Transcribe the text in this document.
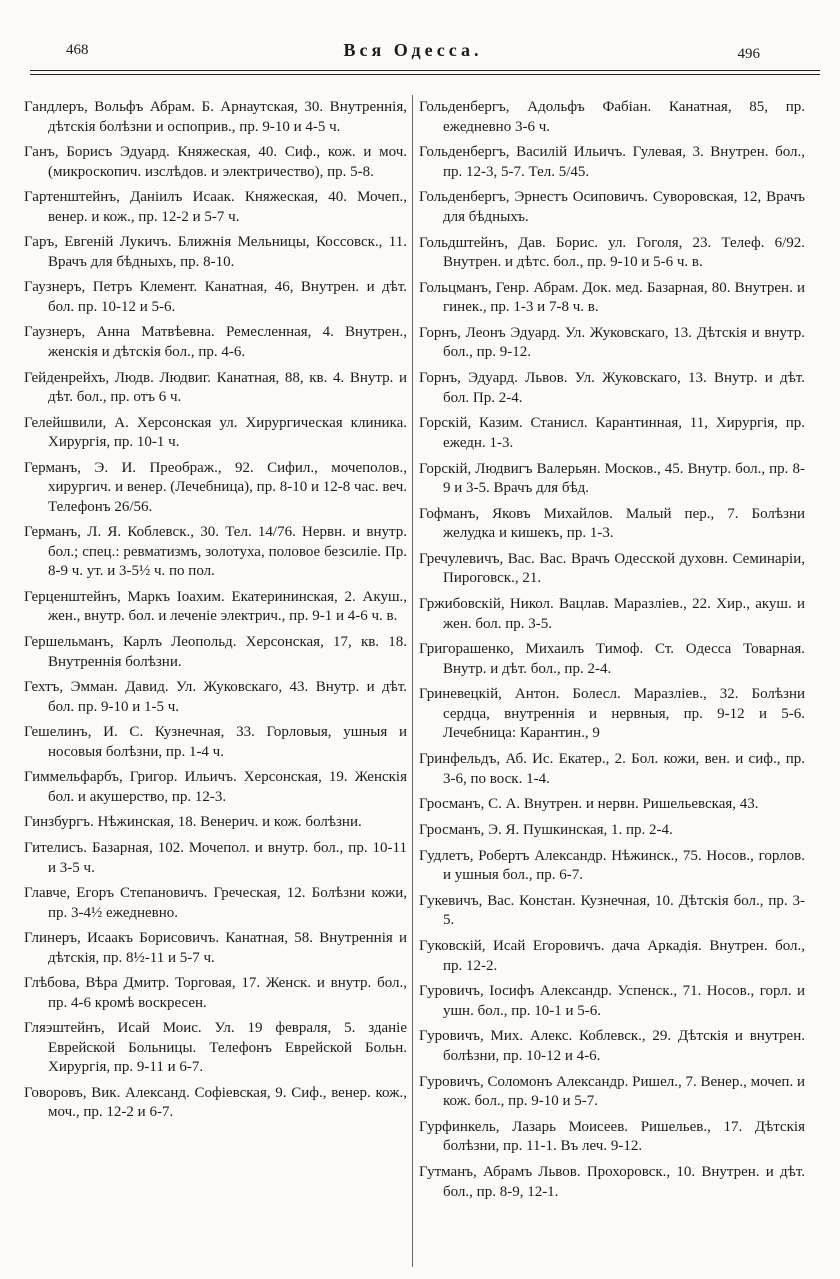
468	Вся Одесса.	496

Гандлеръ, Вольфъ Абрам. Б. Арнаутская, 30. Внутреннія, дѣтскія болѣзни и оспоприв., пр. 9-10 и 4-5 ч.

Ганъ, Борисъ Эдуард. Княжеская, 40. Сиф., кож. и моч. (микроскопич. изслѣдов. и электричество), пр. 5-8.

Гартенштейнъ, Даніилъ Исаак. Княжеская, 40. Мочеп., венер. и кож., пр. 12-2 и 5-7 ч.

Гаръ, Евгеній Лукичъ. Ближнія Мельницы, Коссовск., 11. Врачъ для бѣдныхъ, пр. 8-10.

Гаузнеръ, Петръ Клемент. Канатная, 46, Внутрен. и дѣт. бол. пр. 10-12 и 5-6.

Гаузнеръ, Анна Матвѣевна. Ремесленная, 4. Внутрен., женскія и дѣтскія бол., пр. 4-6.

Гейденрейхъ, Людв. Людвиг. Канатная, 88, кв. 4. Внутр. и дѣт. бол., пр. отъ 6 ч.

Гелейшвили, А. Херсонская ул. Хирургическая клиника. Хирургія, пр. 10-1 ч.

Германъ, Э. И. Преображ., 92. Сифил., мочеполов., хирургич. и венер. (Лечебница), пр. 8-10 и 12-8 час. веч. Телефонъ 26/56.

Германъ, Л. Я. Коблевск., 30. Тел. 14/76. Нервн. и внутр. бол.; спец.: ревматизмъ, золотуха, половое безсиліе. Пр. 8-9 ч. ут. и 3-5½ ч. по пол.

Герценштейнъ, Маркъ Іоахим. Екатерининская, 2. Акуш., жен., внутр. бол. и леченіе электрич., пр. 9-1 и 4-6 ч. в.

Гершельманъ, Карлъ Леопольд. Херсонская, 17, кв. 18. Внутреннія болѣзни.

Гехтъ, Эмман. Давид. Ул. Жуковскаго, 43. Внутр. и дѣт. бол. пр. 9-10 и 1-5 ч.

Гешелинъ, И. С. Кузнечная, 33. Горловыя, ушныя и носовыя болѣзни, пр. 1-4 ч.

Гиммельфарбъ, Григор. Ильичъ. Херсонская, 19. Женскія бол. и акушерство, пр. 12-3.

Гинзбургъ. Нѣжинская, 18. Венерич. и кож. болѣзни.

Гителисъ. Базарная, 102. Мочепол. и внутр. бол., пр. 10-11 и 3-5 ч.

Главче, Егоръ Степановичъ. Греческая, 12. Болѣзни кожи, пр. 3-4½ ежедневно.

Глинеръ, Исаакъ Борисовичъ. Канатная, 58. Внутреннія и дѣтскія, пр. 8½-11 и 5-7 ч.

Глѣбова, Вѣра Дмитр. Торговая, 17. Женск. и внутр. бол., пр. 4-6 кромѣ воскресен.

Гляэштейнъ, Исай Моис. Ул. 19 февраля, 5. зданіе Еврейской Больницы. Телефонъ Еврейской Больн. Хирургія, пр. 9-11 и 6-7.

Говоровъ, Вик. Александ. Софіевская, 9. Сиф., венер. кож., моч., пр. 12-2 и 6-7.

Гольденбергъ, Адольфъ Фабіан. Канатная, 85, пр. ежедневно 3-6 ч.

Гольденбергъ, Василій Ильичъ. Гулевая, 3. Внутрен. бол., пр. 12-3, 5-7. Тел. 5/45.

Гольденбергъ, Эрнестъ Осиповичъ. Суворовская, 12, Врачъ для бѣдныхъ.

Гольдштейнъ, Дав. Борис. ул. Гоголя, 23. Телеф. 6/92. Внутрен. и дѣтс. бол., пр. 9-10 и 5-6 ч. в.

Гольцманъ, Генр. Абрам. Док. мед. Базарная, 80. Внутрен. и гинек., пр. 1-3 и 7-8 ч. в.

Горнъ, Леонъ Эдуард. Ул. Жуковскаго, 13. Дѣтскія и внутр. бол., пр. 9-12.

Горнъ, Эдуард. Львов. Ул. Жуковскаго, 13. Внутр. и дѣт. бол. Пр. 2-4.

Горскій, Казим. Станисл. Карантинная, 11, Хирургія, пр. ежедн. 1-3.

Горскій, Людвигъ Валерьян. Москов., 45. Внутр. бол., пр. 8-9 и 3-5. Врачъ для бѣд.

Гофманъ, Яковъ Михайлов. Малый пер., 7. Болѣзни желудка и кишекъ, пр. 1-3.

Гречулевичъ, Вас. Вас. Врачъ Одесской духовн. Семинаріи, Пироговск., 21.

Гржибовскій, Никол. Вацлав. Маразліев., 22. Хир., акуш. и жен. бол. пр. 3-5.

Григорашенко, Михаилъ Тимоф. Ст. Одесса Товарная. Внутр. и дѣт. бол., пр. 2-4.

Гриневецкій, Антон. Болесл. Маразліев., 32. Болѣзни сердца, внутреннія и нервныя, пр. 9-12 и 5-6. Лечебница: Карантин., 9

Гринфельдъ, Аб. Ис. Екатер., 2. Бол. кожи, вен. и сиф., пр. 3-6, по воск. 1-4.

Гросманъ, С. А. Внутрен. и нервн. Ришельевская, 43.

Гросманъ, Э. Я. Пушкинская, 1. пр. 2-4.

Гудлетъ, Робертъ Александр. Нѣжинск., 75. Носов., горлов. и ушныя бол., пр. 6-7.

Гукевичъ, Вас. Констан. Кузнечная, 10. Дѣтскія бол., пр. 3-5.

Гуковскій, Исай Егоровичъ. дача Аркадія. Внутрен. бол., пр. 12-2.

Гуровичъ, Іосифъ Александр. Успенск., 71. Носов., горл. и ушн. бол., пр. 10-1 и 5-6.

Гуровичъ, Мих. Алекс. Коблевск., 29. Дѣтскія и внутрен. болѣзни, пр. 10-12 и 4-6.

Гуровичъ, Соломонъ Александр. Ришел., 7. Венер., мочеп. и кож. бол., пр. 9-10 и 5-7.

Гурфинкель, Лазарь Моисеев. Ришельев., 17. Дѣтскія болѣзни, пр. 11-1. Въ леч. 9-12.

Гутманъ, Абрамъ Львов. Прохоровск., 10. Внутрен. и дѣт. бол., пр. 8-9, 12-1.
